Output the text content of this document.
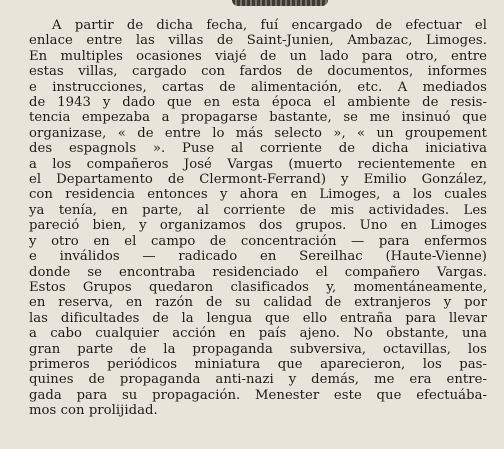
A partir de dicha fecha, fuí encargado de efectuar el
enlace entre las villas de Saint-Junien, Ambazac, Limoges.
En multiples ocasiones viajé de un lado para otro, entre
estas villas, cargado con fardos de documentos, informes
e instrucciones, cartas de alimentación, etc. A mediados
de 1943 y dado que en esta época el ambiente de resis-
tencia empezaba a propagarse bastante, se me insinuó que
organizase, « de entre lo más selecto », « un groupement
des espagnols ». Puse al corriente de dicha iniciativa
a los compañeros José Vargas (muerto recientemente en
el Departamento de Clermont-Ferrand) y Emilio González,
con residencia entonces y ahora en Limoges, a los cuales
ya tenía, en parte, al corriente de mis actividades. Les
pareció bien, y organizamos dos grupos. Uno en Limoges
y otro en el campo de concentración — para enfermos
e inválidos — radicado en Sereilhac (Haute-Vienne)
donde se encontraba residenciado el compañero Vargas.
Estos Grupos quedaron clasificados y, momentáneamente,
en reserva, en razón de su calidad de extranjeros y por
las dificultades de la lengua que ello entraña para llevar
a cabo cualquier acción en país ajeno. No obstante, una
gran parte de la propaganda subversiva, octavillas, los
primeros periódicos miniatura que aparecieron, los pas-
quines de propaganda anti-nazi y demás, me era entre-
gada para su propagación. Menester este que efectuába-
mos con prolijidad.
